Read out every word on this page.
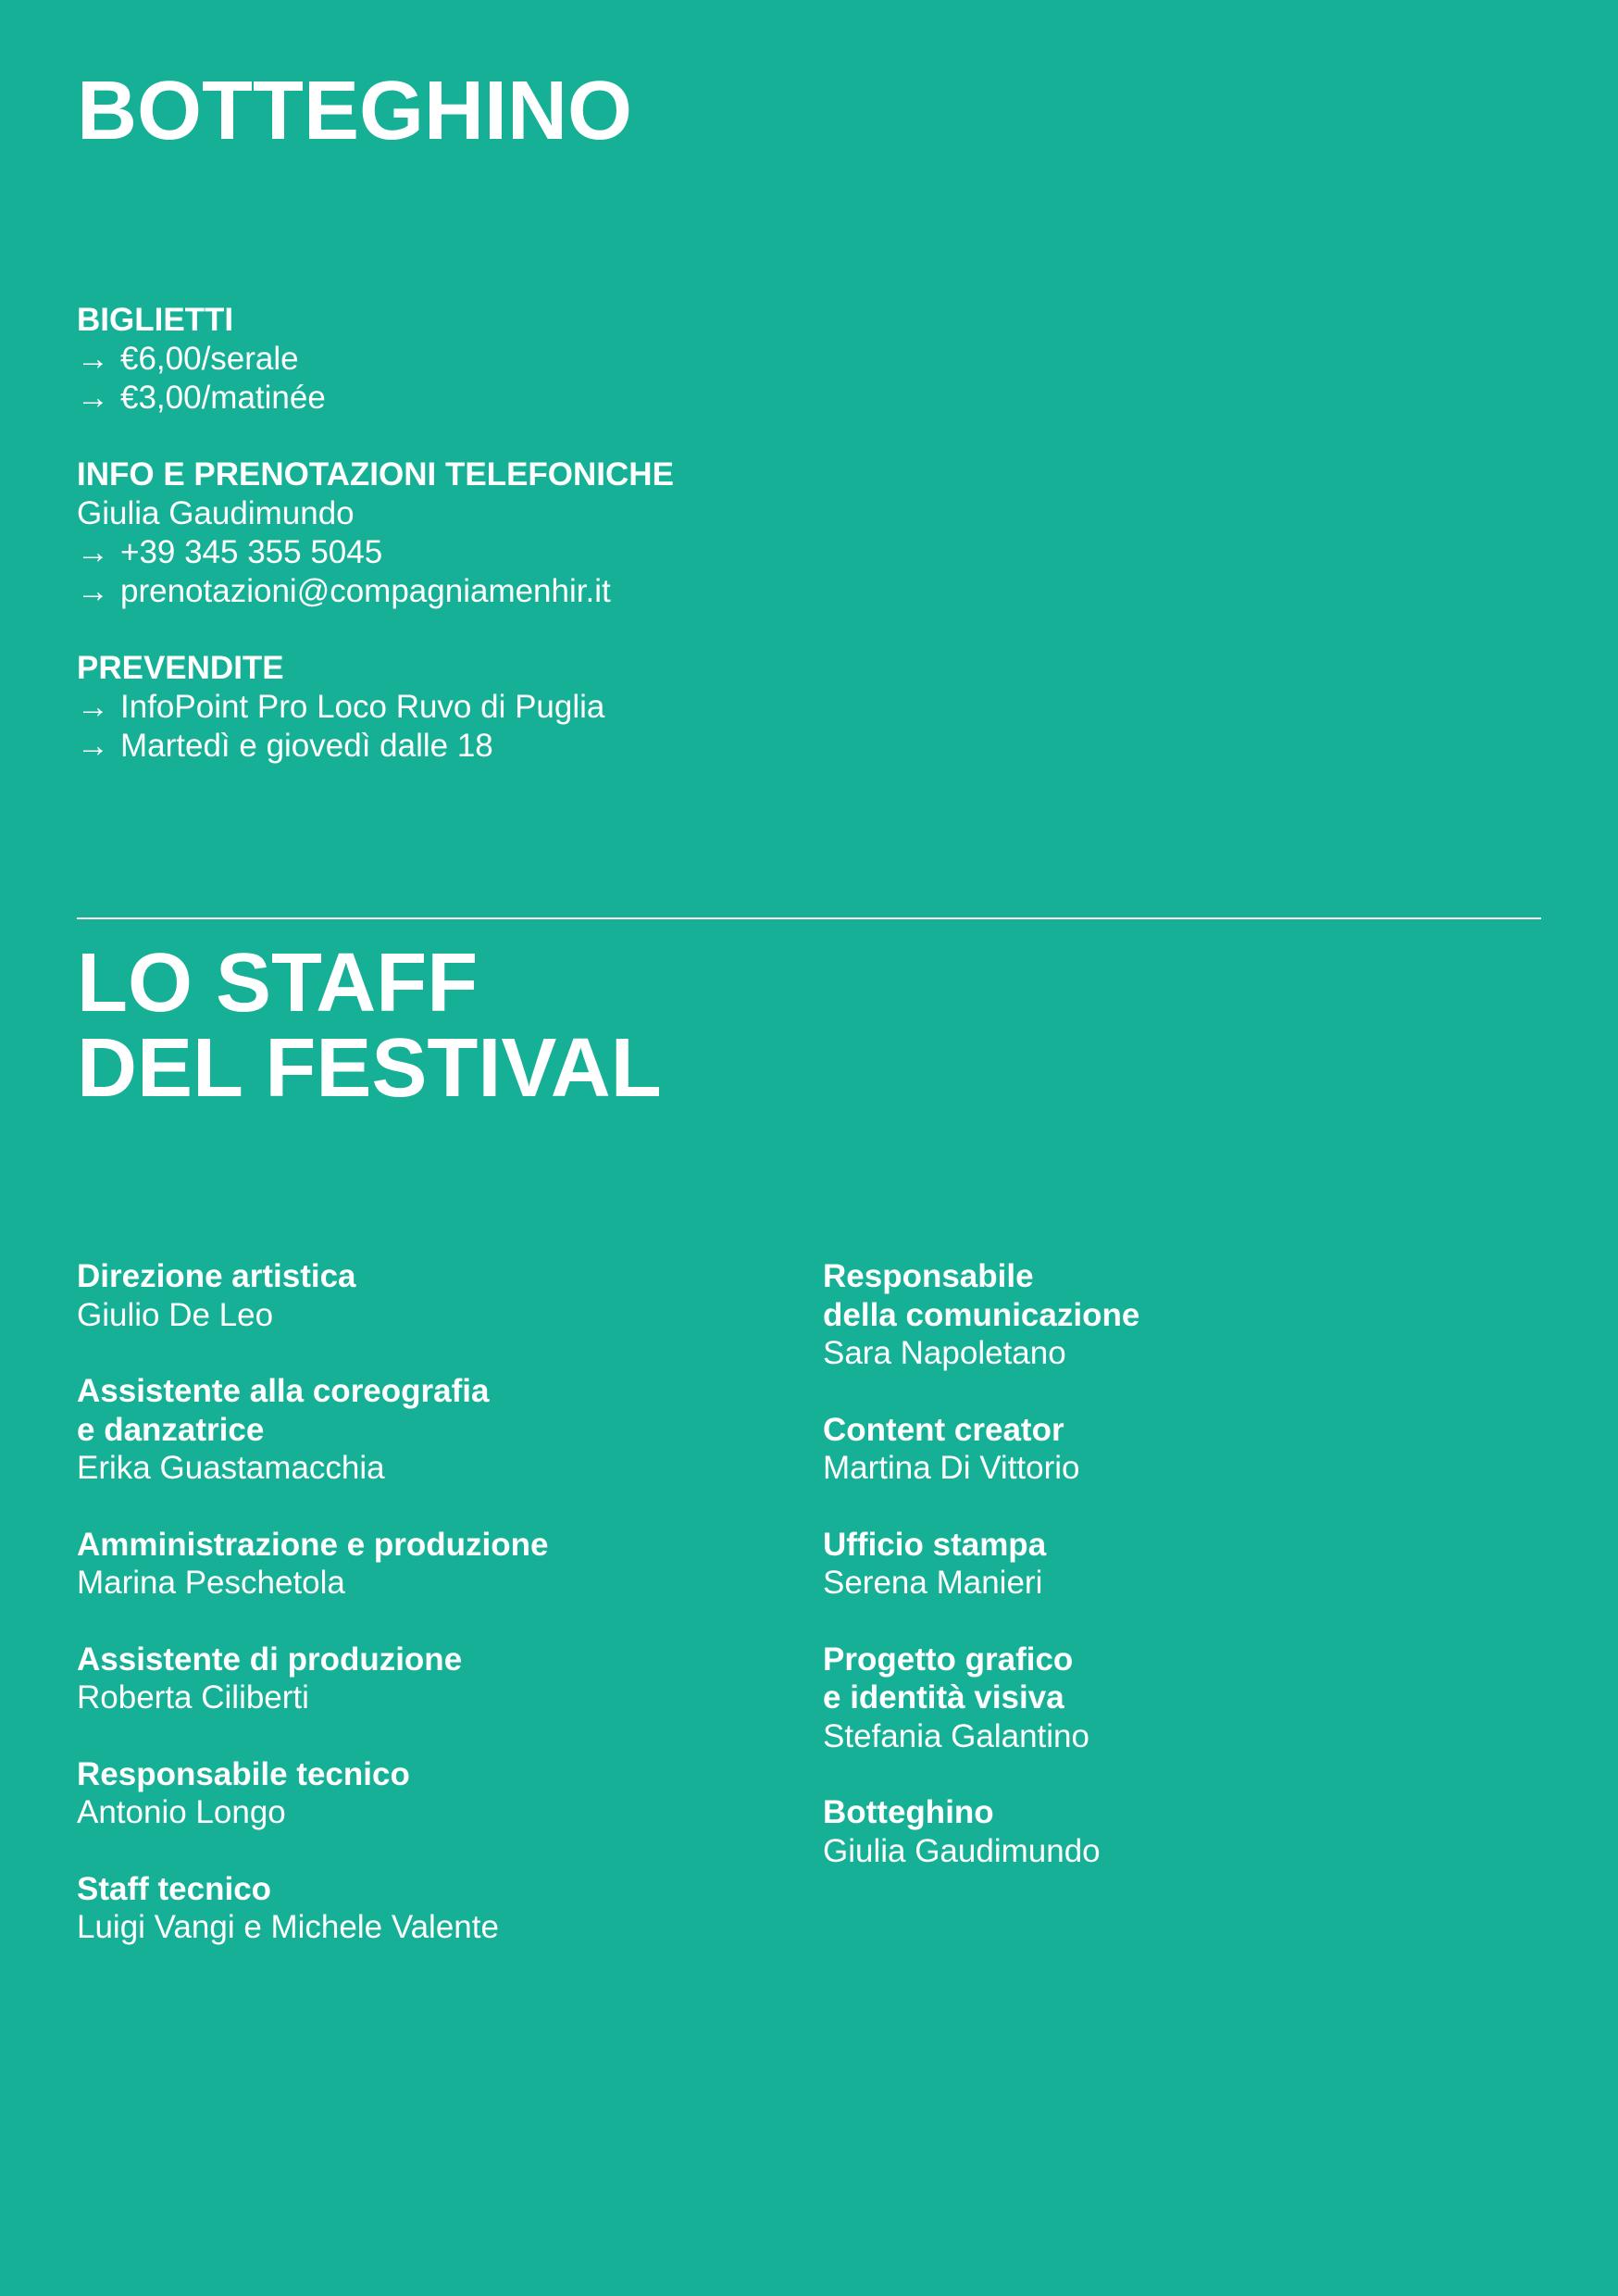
BOTTEGHINO
BIGLIETTI
→ €6,00/serale
→ €3,00/matinée
INFO E PRENOTAZIONI TELEFONICHE
Giulia Gaudimundo
→ +39 345 355 5045
→ prenotazioni@compagniamenhir.it
PREVENDITE
→ InfoPoint Pro Loco Ruvo di Puglia
→ Martedì e giovedì dalle 18
LO STAFF
DEL FESTIVAL
Direzione artistica
Giulio De Leo
Assistente alla coreografia
e danzatrice
Erika Guastamacchia
Amministrazione e produzione
Marina Peschetola
Assistente di produzione
Roberta Ciliberti
Responsabile tecnico
Antonio Longo
Staff tecnico
Luigi Vangi e Michele Valente
Responsabile
della comunicazione
Sara Napoletano
Content creator
Martina Di Vittorio
Ufficio stampa
Serena Manieri
Progetto grafico
e identità visiva
Stefania Galantino
Botteghino
Giulia Gaudimundo
